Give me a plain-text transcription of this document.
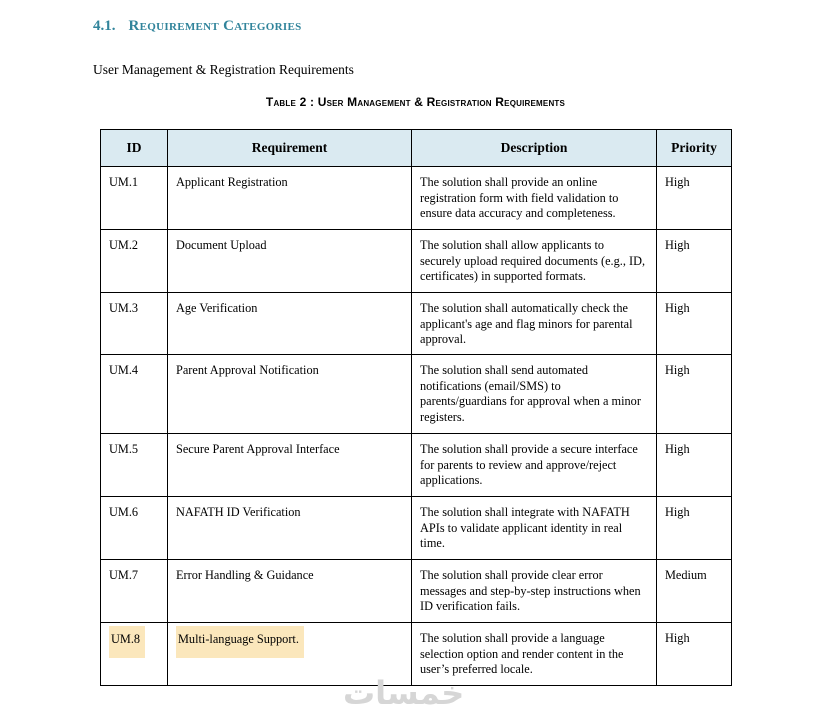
4.1. Requirement Categories
User Management & Registration Requirements
Table 2 : User Management & Registration Requirements
ID	Requirement	Description	Priority
UM.1	Applicant Registration	The solution shall provide an online registration form with field validation to ensure data accuracy and completeness.	High
UM.2	Document Upload	The solution shall allow applicants to securely upload required documents (e.g., ID, certificates) in supported formats.	High
UM.3	Age Verification	The solution shall automatically check the applicant's age and flag minors for parental approval.	High
UM.4	Parent Approval Notification	The solution shall send automated notifications (email/SMS) to parents/guardians for approval when a minor registers.	High
UM.5	Secure Parent Approval Interface	The solution shall provide a secure interface for parents to review and approve/reject applications.	High
UM.6	NAFATH ID Verification	The solution shall integrate with NAFATH APIs to validate applicant identity in real time.	High
UM.7	Error Handling & Guidance	The solution shall provide clear error messages and step-by-step instructions when ID verification fails.	Medium
UM.8	Multi-language Support.	The solution shall provide a language selection option and render content in the user’s preferred locale.	High
خمسات
